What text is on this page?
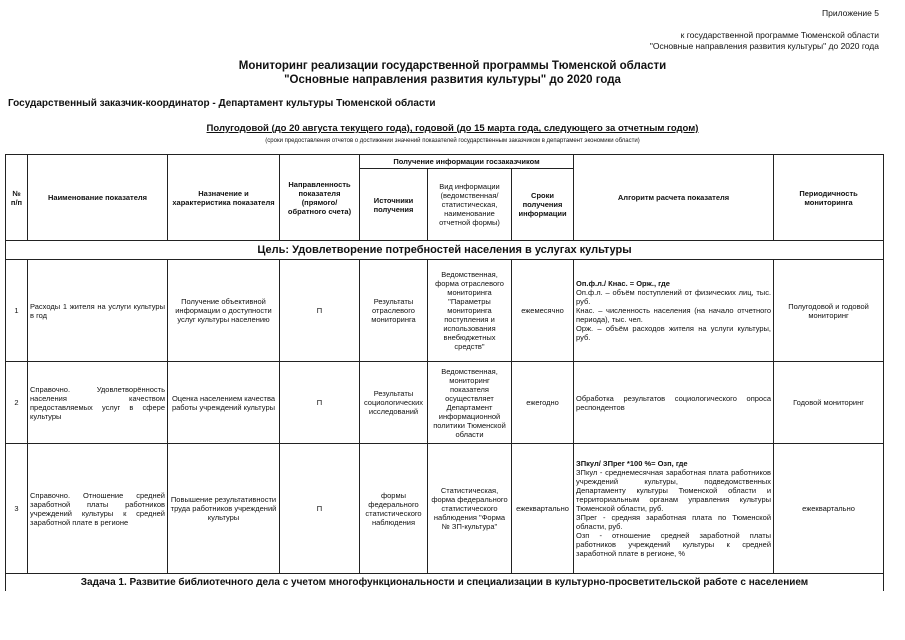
Приложение 5
к государственной программе Тюменской области
"Основные направления развития культуры" до 2020 года
Мониторинг реализации государственной программы Тюменской области
"Основные направления развития культуры" до 2020 года
Государственный заказчик-координатор - Департамент культуры Тюменской области
Полугодовой (до 20 августа текущего года), годовой (до 15 марта года, следующего за отчетным годом)
(сроки предоставления отчетов о достижении значений показателей государственным заказчиком в департамент экономики области)
№ п/п	Наименование показателя	Назначение и характеристика показателя	Направленность показателя (прямого/ обратного счета)	Получение информации госзаказчиком			Алгоритм расчета показателя	Периодичность мониторинга
				Источники получения	Вид информации (ведомственная/ статистическая, наименование отчетной формы)	Сроки получения информации		
Цель: Удовлетворение потребностей населения в услугах культуры								
1	Расходы 1 жителя на услуги культуры в год	Получение объективной информации о доступности услуг культуры населению	П	Результаты отраслевого мониторинга	Ведомственная, форма отраслевого мониторинга "Параметры мониторинга поступления и использования внебюджетных средств"	ежемесячно	Оп.ф.л./ Кнас. = Орж., где
Оп.ф.л. – объём поступлений от физических лиц, тыс. руб.
Кнас. – численность населения (на начало отчетного периода), тыс. чел.
Орж. – объём расходов жителя на услуги культуры, руб.	Полугодовой и годовой мониторинг
2	Справочно. Удовлетворённость населения качеством предоставляемых услуг в сфере культуры	Оценка населением качества работы учреждений культуры	П	Результаты социологических исследований	Ведомственная, мониторинг показателя осуществляет Департамент информационной политики Тюменской области	ежегодно	Обработка результатов социологического опроса респондентов	Годовой мониторинг
3	Справочно. Отношение средней заработной платы работников учреждений культуры к средней заработной плате в регионе	Повышение результативности труда работников учреждений культуры	П	формы федерального статистического наблюдения	Статистическая, форма федерального статистического наблюдения "Форма № ЗП-культура"	ежеквартально	ЗПкул/ ЗПрег *100 %= Озп, где
ЗПкул - среднемесячная заработная плата работников учреждений культуры, подведомственных Департаменту культуры Тюменской области и территориальным органам управления культуры Тюменской области, руб.
ЗПрег - средняя заработная плата по Тюменской области, руб.
Озп - отношение средней заработной платы работников учреждений культуры к средней заработной плате в регионе, %	ежеквартально
Задача 1. Развитие библиотечного дела с учетом многофункциональности и специализации в культурно-просветительской работе с населением								
